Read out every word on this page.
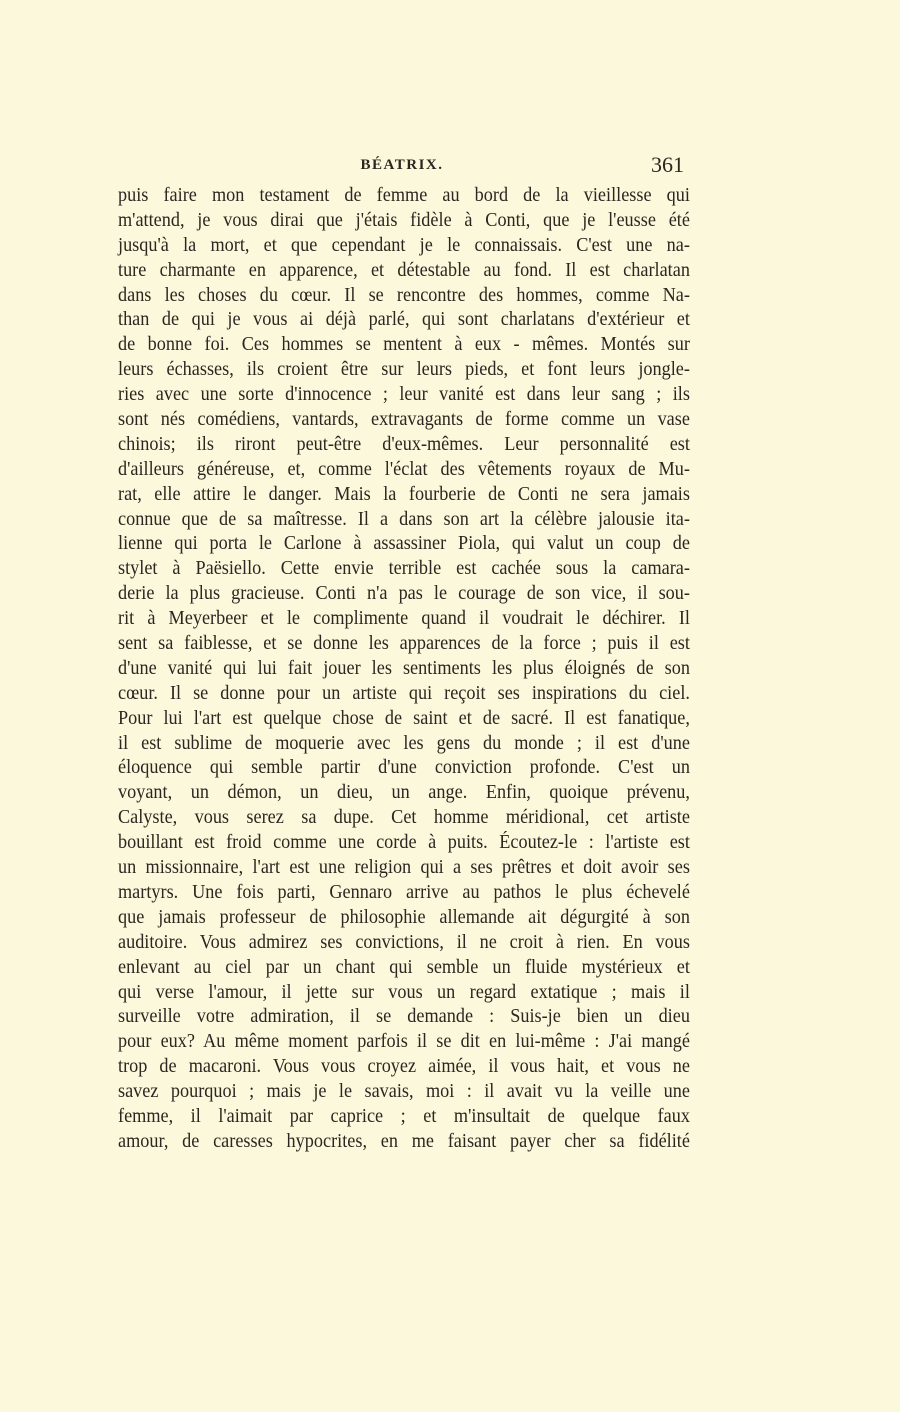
BÉATRIX.	361
puis faire mon testament de femme au bord de la vieillesse qui
m'attend, je vous dirai que j'étais fidèle à Conti, que je l'eusse été
jusqu'à la mort, et que cependant je le connaissais. C'est une na-
ture charmante en apparence, et détestable au fond. Il est charlatan
dans les choses du cœur. Il se rencontre des hommes, comme Na-
than de qui je vous ai déjà parlé, qui sont charlatans d'extérieur et
de bonne foi. Ces hommes se mentent à eux - mêmes. Montés sur
leurs échasses, ils croient être sur leurs pieds, et font leurs jongle-
ries avec une sorte d'innocence ; leur vanité est dans leur sang ; ils
sont nés comédiens, vantards, extravagants de forme comme un vase
chinois; ils riront peut-être d'eux-mêmes. Leur personnalité est
d'ailleurs généreuse, et, comme l'éclat des vêtements royaux de Mu-
rat, elle attire le danger. Mais la fourberie de Conti ne sera jamais
connue que de sa maîtresse. Il a dans son art la célèbre jalousie ita-
lienne qui porta le Carlone à assassiner Piola, qui valut un coup de
stylet à Paësiello. Cette envie terrible est cachée sous la camara-
derie la plus gracieuse. Conti n'a pas le courage de son vice, il sou-
rit à Meyerbeer et le complimente quand il voudrait le déchirer. Il
sent sa faiblesse, et se donne les apparences de la force ; puis il est
d'une vanité qui lui fait jouer les sentiments les plus éloignés de son
cœur. Il se donne pour un artiste qui reçoit ses inspirations du ciel.
Pour lui l'art est quelque chose de saint et de sacré. Il est fanatique,
il est sublime de moquerie avec les gens du monde ; il est d'une
éloquence qui semble partir d'une conviction profonde. C'est un
voyant, un démon, un dieu, un ange. Enfin, quoique prévenu,
Calyste, vous serez sa dupe. Cet homme méridional, cet artiste
bouillant est froid comme une corde à puits. Écoutez-le : l'artiste est
un missionnaire, l'art est une religion qui a ses prêtres et doit avoir ses
martyrs. Une fois parti, Gennaro arrive au pathos le plus échevelé
que jamais professeur de philosophie allemande ait dégurgité à son
auditoire. Vous admirez ses convictions, il ne croit à rien. En vous
enlevant au ciel par un chant qui semble un fluide mystérieux et
qui verse l'amour, il jette sur vous un regard extatique ; mais il
surveille votre admiration, il se demande : Suis-je bien un dieu
pour eux? Au même moment parfois il se dit en lui-même : J'ai mangé
trop de macaroni. Vous vous croyez aimée, il vous hait, et vous ne
savez pourquoi ; mais je le savais, moi : il avait vu la veille une
femme, il l'aimait par caprice ; et m'insultait de quelque faux
amour, de caresses hypocrites, en me faisant payer cher sa fidélité
